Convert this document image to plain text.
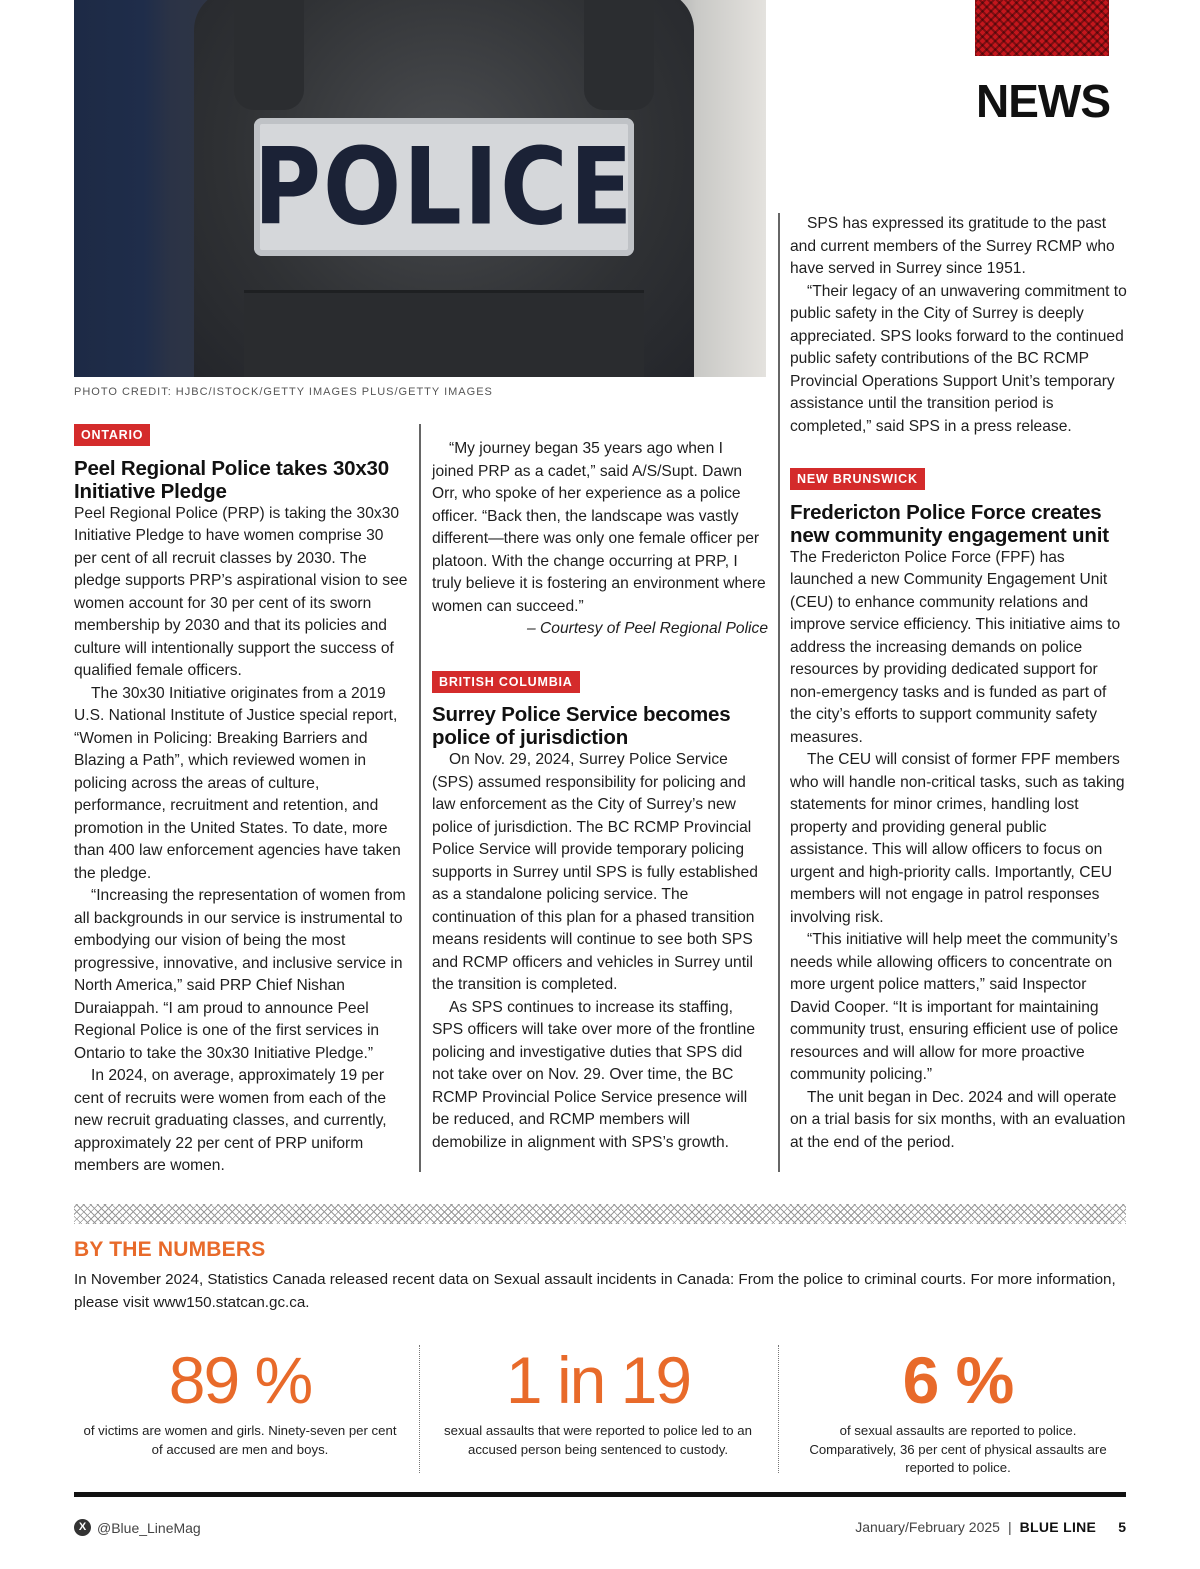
POLICE
PHOTO CREDIT: HJBC/ISTOCK/GETTY IMAGES PLUS/GETTY IMAGES
NEWS
ONTARIO
Peel Regional Police takes 30x30 Initiative Pledge

Peel Regional Police (PRP) is taking the 30x30 Initiative Pledge to have women comprise 30 per cent of all recruit classes by 2030. The pledge supports PRP’s aspirational vision to see women account for 30 per cent of its sworn membership by 2030 and that its policies and culture will intentionally support the success of qualified female officers.

The 30x30 Initiative originates from a 2019 U.S. National Institute of Justice special report, “Women in Policing: Breaking Barriers and Blazing a Path”, which reviewed women in policing across the areas of culture, performance, recruitment and retention, and promotion in the United States. To date, more than 400 law enforcement agencies have taken the pledge.

“Increasing the representation of women from all backgrounds in our service is instrumental to embodying our vision of being the most progressive, innovative, and inclusive service in North America,” said PRP Chief Nishan Duraiappah. “I am proud to announce Peel Regional Police is one of the first services in Ontario to take the 30x30 Initiative Pledge.”

In 2024, on average, approximately 19 per cent of recruits were women from each of the new recruit graduating classes, and currently, approximately 22 per cent of PRP uniform members are women.

“My journey began 35 years ago when I joined PRP as a cadet,” said A/S/Supt. Dawn Orr, who spoke of her experience as a police officer. “Back then, the landscape was vastly different—there was only one female officer per platoon. With the change occurring at PRP, I truly believe it is fostering an environment where women can succeed.”

– Courtesy of Peel Regional Police

BRITISH COLUMBIA
Surrey Police Service becomes police of jurisdiction

On Nov. 29, 2024, Surrey Police Service (SPS) assumed responsibility for policing and law enforcement as the City of Surrey’s new police of jurisdiction. The BC RCMP Provincial Police Service will provide temporary policing supports in Surrey until SPS is fully established as a standalone policing service. The continuation of this plan for a phased transition means residents will continue to see both SPS and RCMP officers and vehicles in Surrey until the transition is completed.

As SPS continues to increase its staffing, SPS officers will take over more of the frontline policing and investigative duties that SPS did not take over on Nov. 29. Over time, the BC RCMP Provincial Police Service presence will be reduced, and RCMP members will demobilize in alignment with SPS’s growth.

SPS has expressed its gratitude to the past and current members of the Surrey RCMP who have served in Surrey since 1951.

“Their legacy of an unwavering commitment to public safety in the City of Surrey is deeply appreciated. SPS looks forward to the continued public safety contributions of the BC RCMP Provincial Operations Support Unit’s temporary assistance until the transition period is completed,” said SPS in a press release.

NEW BRUNSWICK
Fredericton Police Force creates new community engagement unit

The Fredericton Police Force (FPF) has launched a new Community Engagement Unit (CEU) to enhance community relations and improve service efficiency. This initiative aims to address the increasing demands on police resources by providing dedicated support for non-emergency tasks and is funded as part of the city’s efforts to support community safety measures.

The CEU will consist of former FPF members who will handle non-critical tasks, such as taking statements for minor crimes, handling lost property and providing general public assistance. This will allow officers to focus on urgent and high-priority calls. Importantly, CEU members will not engage in patrol responses involving risk.

“This initiative will help meet the community’s needs while allowing officers to concentrate on more urgent police matters,” said Inspector David Cooper. “It is important for maintaining community trust, ensuring efficient use of police resources and will allow for more proactive community policing.”

The unit began in Dec. 2024 and will operate on a trial basis for six months, with an evaluation at the end of the period.

BY THE NUMBERS
In November 2024, Statistics Canada released recent data on Sexual assault incidents in Canada: From the police to criminal courts. For more information, please visit www150.statcan.gc.ca.
89 %
of victims are women and girls. Ninety-seven per cent of accused are men and boys.
1 in 19
sexual assaults that were reported to police led to an accused person being sentenced to custody.
6 %
of sexual assaults are reported to police. Comparatively, 36 per cent of physical assaults are reported to police.
X @Blue_LineMag	January/February 2025 | BLUE LINE 5
